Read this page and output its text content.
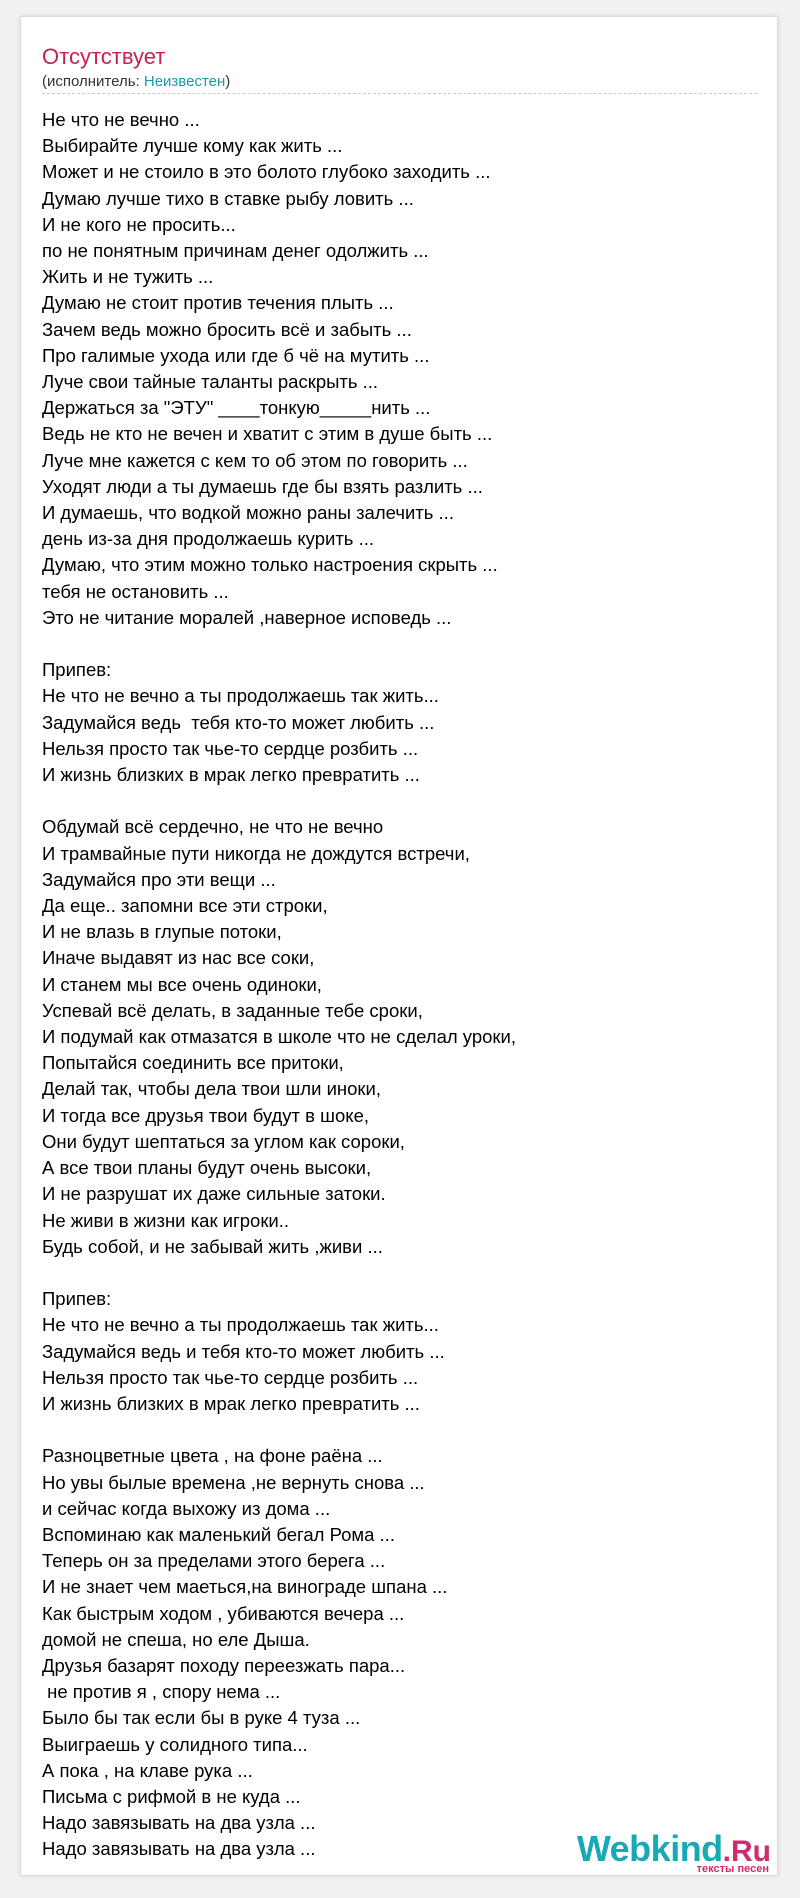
Отсутствует
(исполнитель: Неизвестен)
Не что не вечно ...
Выбирайте лучше кому как жить ...
Может и не стоило в это болото глубоко заходить ...
Думаю лучше тихо в ставке рыбу ловить ...
И не кого не просить...
по не понятным причинам денег одолжить ...
Жить и не тужить ...
Думаю не стоит против течения плыть ...
Зачем ведь можно бросить всё и забыть ...
Про галимые ухода или где б чё на мутить ...
Луче свои тайные таланты раскрыть ...
Держаться за "ЭТУ" ____тонкую_____нить ...
Ведь не кто не вечен и хватит с этим в душе быть ...
Луче мне кажется с кем то об этом по говорить ...
Уходят люди а ты думаешь где бы взять разлить ...
И думаешь, что водкой можно раны залечить ...
день из-за дня продолжаешь курить ...
Думаю, что этим можно только настроения скрыть ...
тебя не остановить ...
Это не читание моралей ,наверное исповедь ...
Припев:
Не что не вечно а ты продолжаешь так жить...
Задумайся ведь  тебя кто-то может любить ...
Нельзя просто так чье-то сердце розбить ...
И жизнь близких в мрак легко превратить ...
Обдумай всё сердечно, не что не вечно
И трамвайные пути никогда не дождутся встречи,
Задумайся про эти вещи ...
Да еще.. запомни все эти строки,
И не влазь в глупые потоки,
Иначе выдавят из нас все соки,
И станем мы все очень одиноки,
Успевай всё делать, в заданные тебе сроки,
И подумай как отмазатся в школе что не сделал уроки,
Попытайся соединить все притоки,
Делай так, чтобы дела твои шли иноки,
И тогда все друзья твои будут в шоке,
Они будут шептаться за углом как сороки,
А все твои планы будут очень высоки,
И не разрушат их даже сильные затоки.
Не живи в жизни как игроки..
Будь собой, и не забывай жить ,живи ...
Припев:
Не что не вечно а ты продолжаешь так жить...
Задумайся ведь и тебя кто-то может любить ...
Нельзя просто так чье-то сердце розбить ...
И жизнь близких в мрак легко превратить ...
Разноцветные цвета , на фоне раёна ...
Но увы былые времена ,не вернуть снова ...
и сейчас когда выхожу из дома ...
Вспоминаю как маленький бегал Рома ...
Теперь он за пределами этого берега ...
И не знает чем маеться,на винограде шпана ...
Как быстрым ходом , убиваются вечера ...
домой не спеша, но еле Дыша.
Друзья базарят походу переезжать пара...
не против я , спору нема ...
Было бы так если бы в руке 4 туза ...
Выиграешь у солидного типа...
А пока , на клаве рука ...
Письма с рифмой в не куда ...
Надо завязывать на два узла ...
Надо завязывать на два узла ...	Webkind.Ru
тексты песен
